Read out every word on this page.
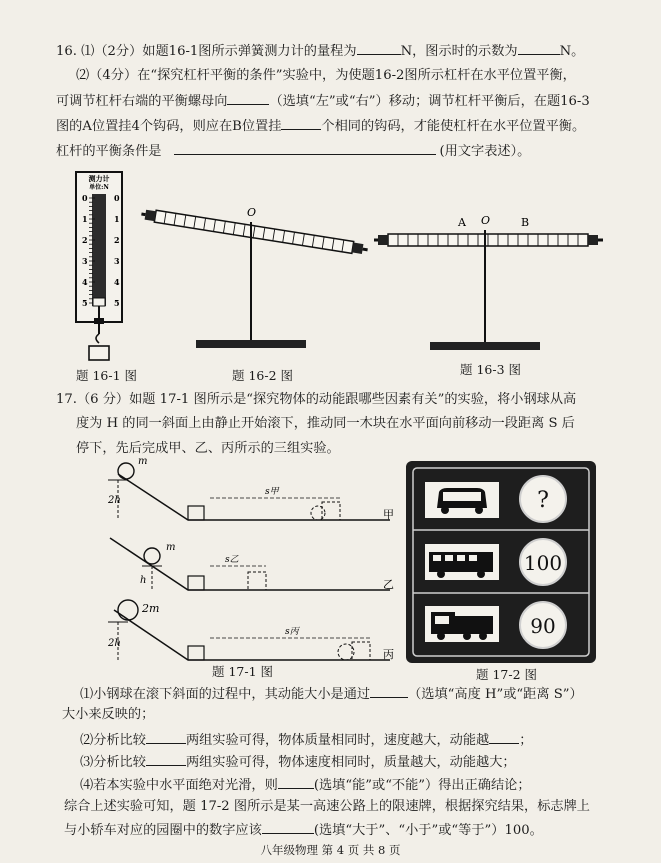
16. ⑴（2分）如题16-1图所示弹簧测力计的量程为	N，图示时的示数为	N。
⑵（4分）在“探究杠杆平衡的条件”实验中，为使题16-2图所示杠杆在水平位置平衡，
可调节杠杆右端的平衡螺母向	（选填“左”或“右”）移动；调节杠杆平衡后，在题16-3
图的A位置挂4个钩码，则应在B位置挂	个相同的钩码，才能使杠杆在水平位置平衡。
杠杆的平衡条件是	(用文字表述）。
测力计
单位:N
0	0
1	1
2	2
3	3
4	4
5	5
题 16-1 图
O
题 16-2 图
A O	B
题 16-3 图
17.（6 分）如题 17-1 图所示是“探究物体的动能跟哪些因素有关”的实验，将小钢球从高
度为 H 的同一斜面上由静止开始滚下，推动同一木块在水平面向前移动一段距离 S 后
停下，先后完成甲、乙、丙所示的三组实验。
m
2h
s甲
甲
m
h
s乙
乙
2m
2h
s丙
丙
题 17-1 图
?
100
90
题 17-2 图
⑴小钢球在滚下斜面的过程中，其动能大小是通过	（选填“高度 H”或“距离 S”）
大小来反映的；
⑵分析比较	两组实验可得，物体质量相同时，速度越大，动能越 ；
⑶分析比较	两组实验可得，物体速度相同时，质量越大，动能越大；
⑷若本实验中水平面绝对光滑，则	(选填“能”或“不能”）得出正确结论；
综合上述实验可知，题 17-2 图所示是某一高速公路上的限速牌，根据探究结果，标志牌上
与小轿车对应的园圈中的数字应该	(选填“大于”、“小于”或“等于”）100。
八年级物理 第 4 页 共 8 页
